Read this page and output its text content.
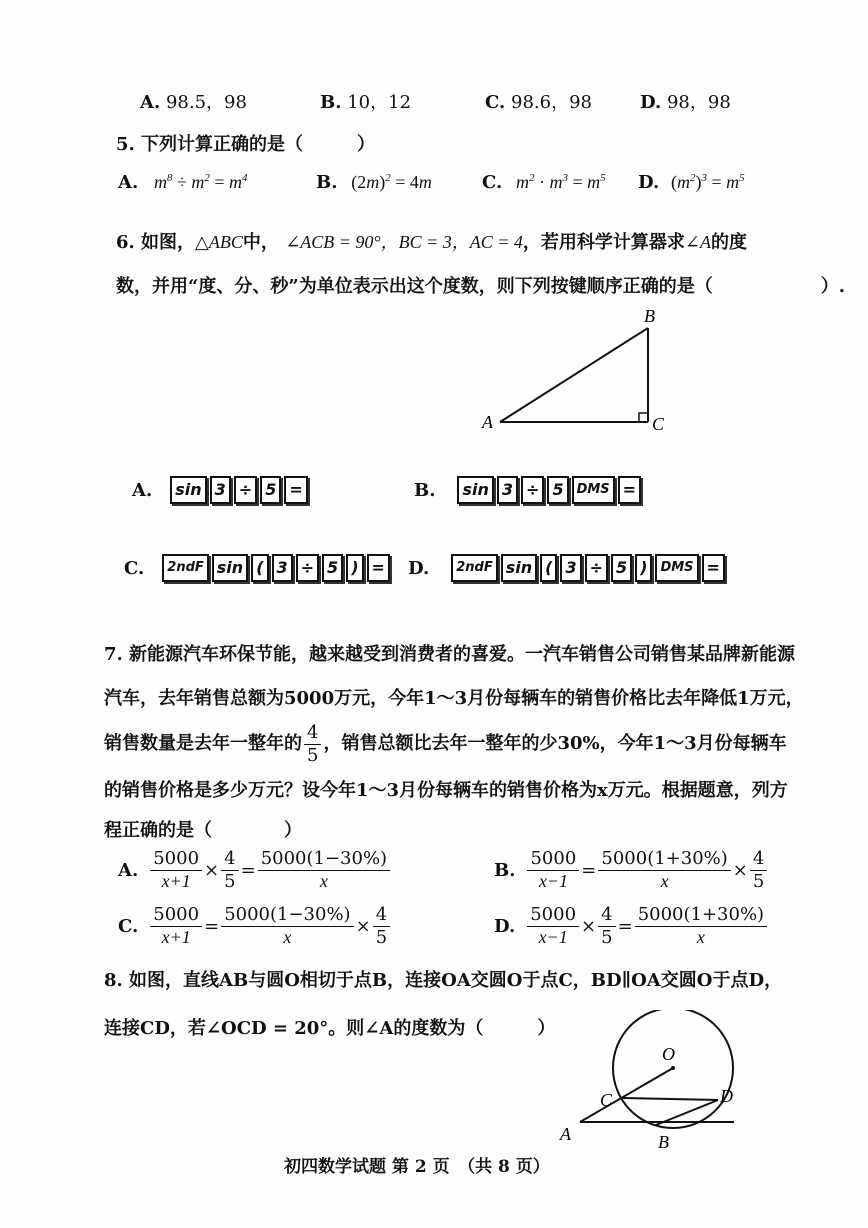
A. 98.5，98	B. 10，12	C. 98.6，98	D. 98，98
5. 下列计算正确的是（　　　）
A. $m^8 \div m^2 = m^4$	B. $(2m)^2 = 4m$	C. $m^2 \cdot m^3 = m^5$ D. $(m^2)^3 = m^5$
6. 如图，△ABC中， ∠ACB = 90°，BC = 3，AC = 4，若用科学计算器求∠A的度
数，并用“度、分、秒”为单位表示出这个度数，则下列按键顺序正确的是（　　　　　　）.
A
B
C
A.	sin 3 ÷ 5 =	B.	sin 3 ÷ 5	DMS =
C.	2ndF sin ( 3 ÷ 5 ) = D.	2ndF sin ( 3 ÷ 5 )	DMS =
7. 新能源汽车环保节能，越来越受到消费者的喜爱。一汽车销售公司销售某品牌新能源
汽车，去年销售总额为5000万元，今年1～3月份每辆车的销售价格比去年降低1万元，
销售数量是去年一整年的 $\frac{4}{5}$ ，销售总额比去年一整年的少30%，今年1～3月份每辆车
的销售价格是多少万元？设今年1～3月份每辆车的销售价格为x万元。根据题意，列方
程正确的是（　　　　）
A. $\frac{5000}{x+1} \times \frac{4}{5} = \frac{5000(1-30\%)}{x}$	B. $\frac{5000}{x-1} = \frac{5000(1+30\%)}{x} \times \frac{4}{5}$
C. $\frac{5000}{x+1} = \frac{5000(1-30\%)}{x} \times \frac{4}{5}$	D. $\frac{5000}{x-1} \times \frac{4}{5} = \frac{5000(1+30\%)}{x}$
8. 如图，直线AB与圆O相切于点B，连接OA交圆O于点C，BD∥OA交圆O于点D，
连接CD，若∠OCD = 20°。则∠A的度数为（　　　）
O
C	D
A	B
初四数学试题 第 2 页　（共 8 页）
